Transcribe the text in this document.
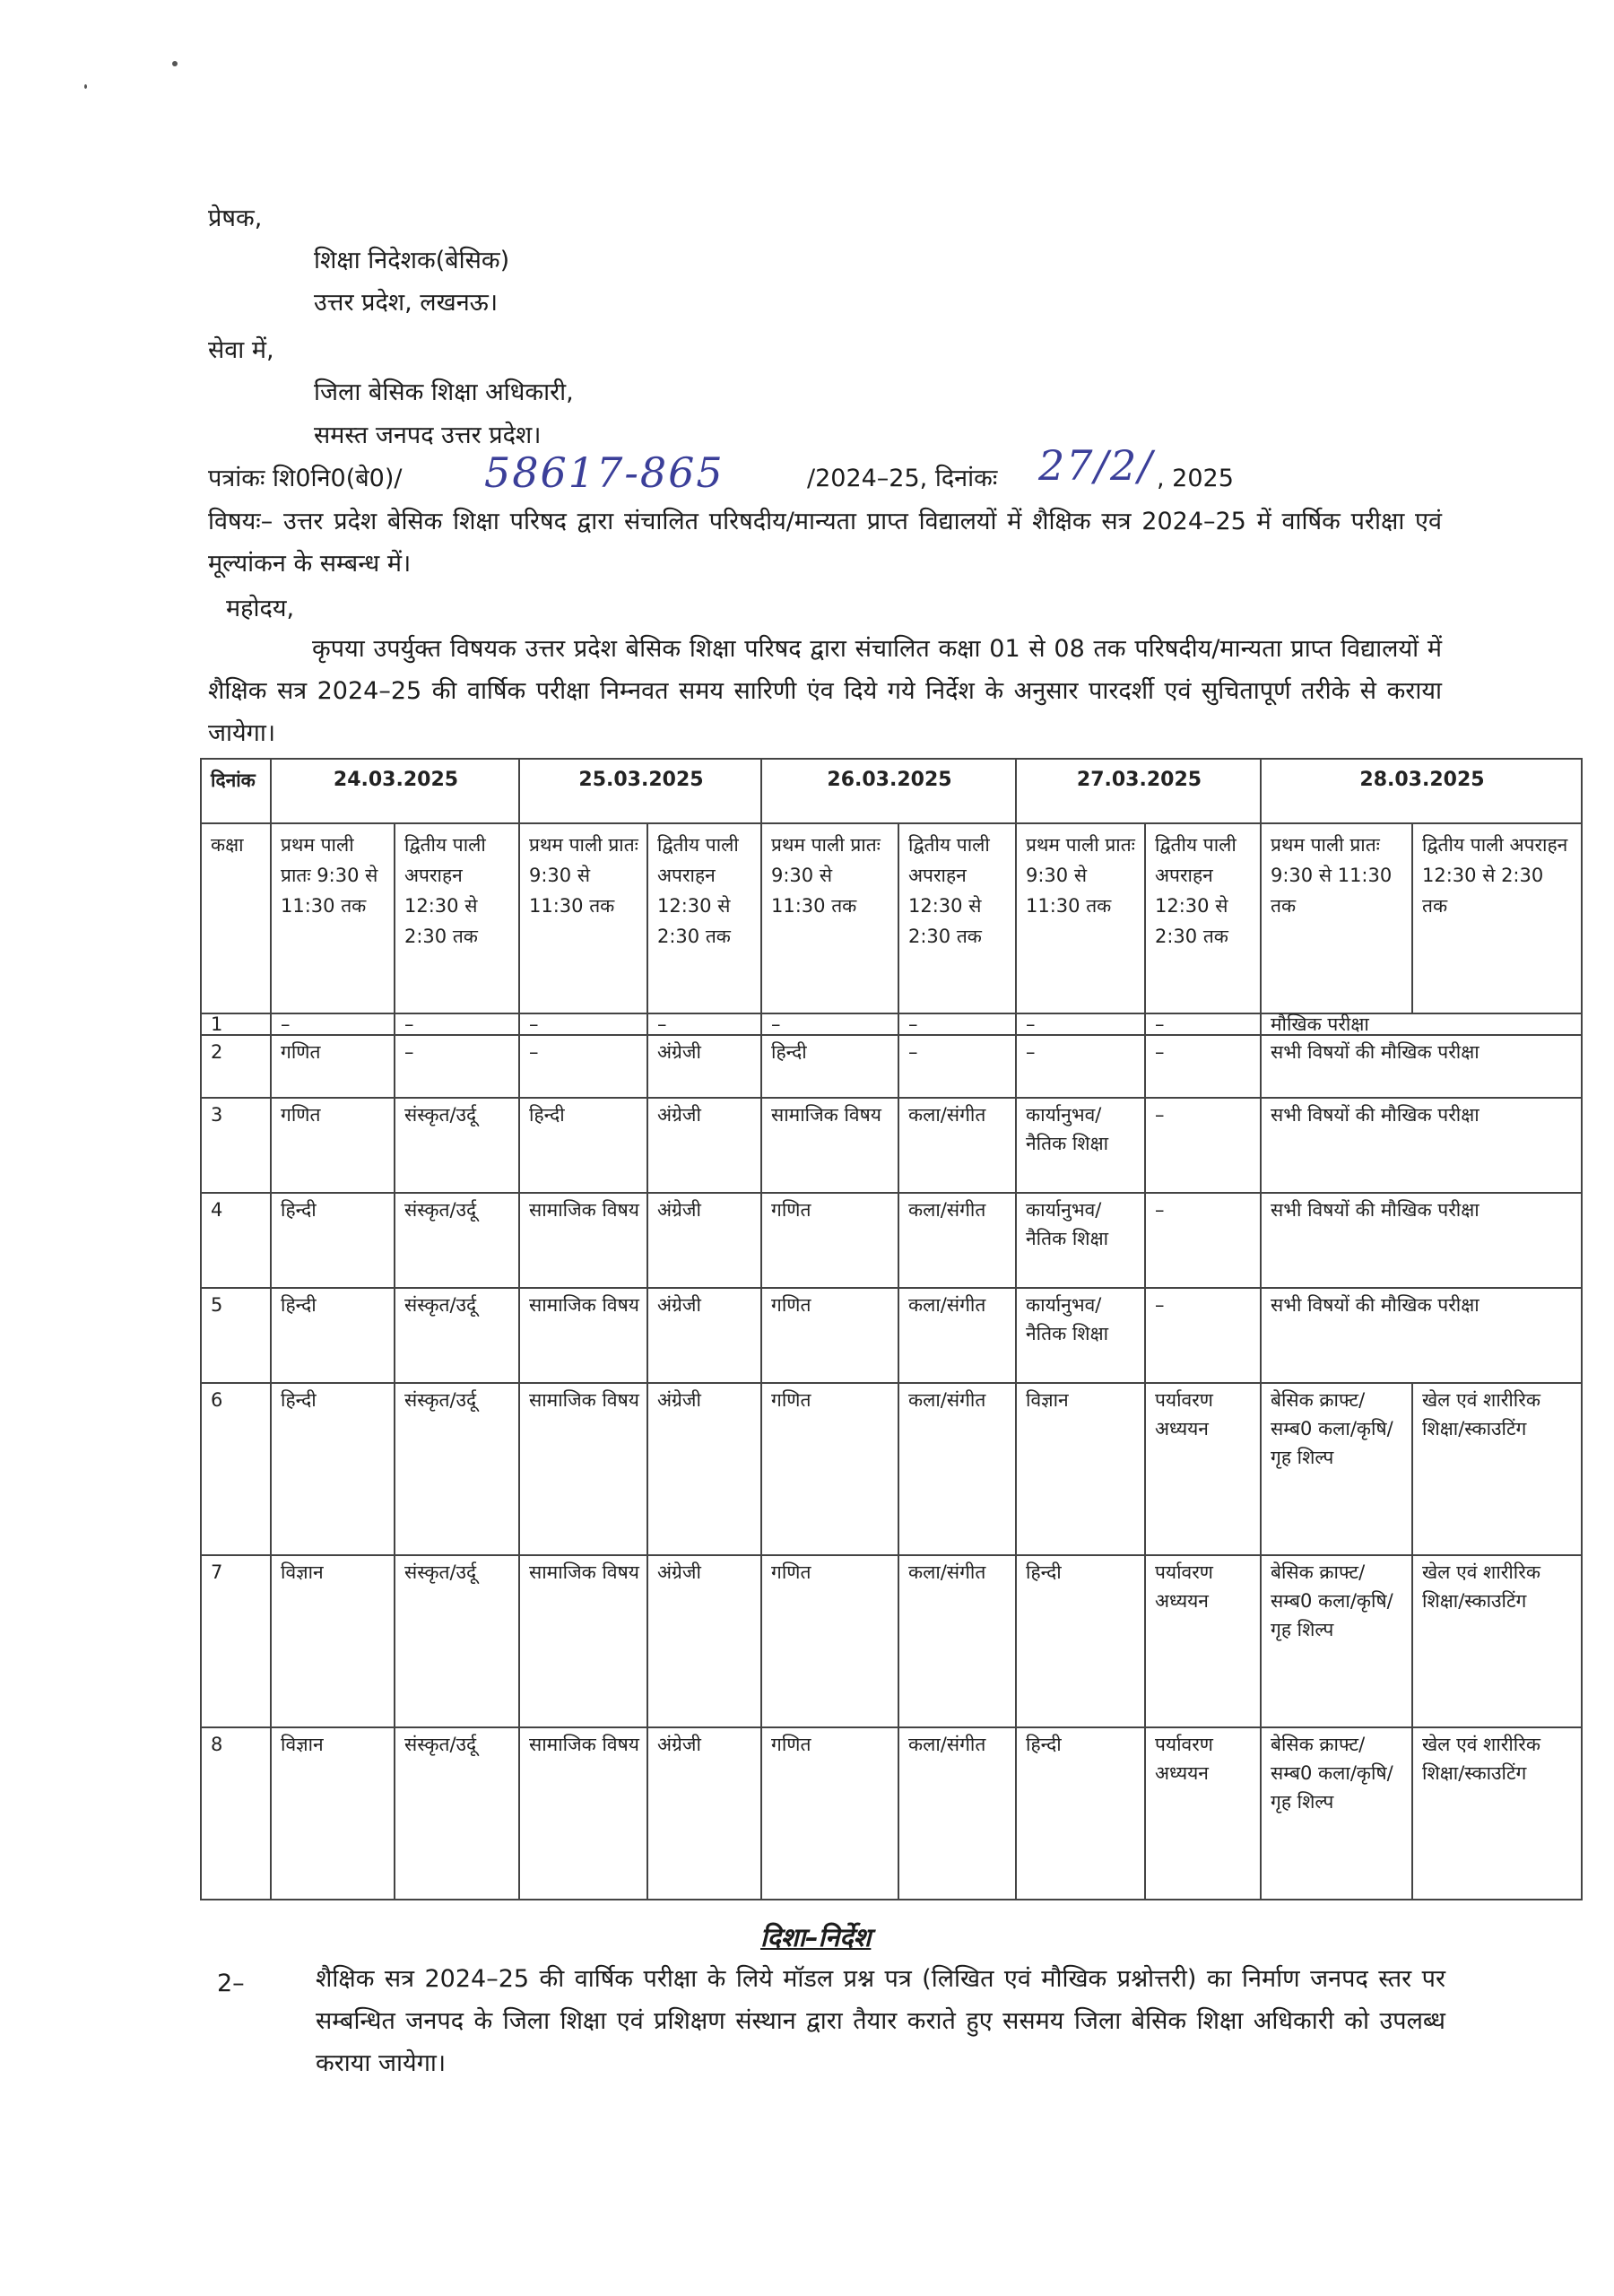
प्रेषक,
शिक्षा निदेशक(बेसिक)
उत्तर प्रदेश, लखनऊ।
सेवा में,
जिला बेसिक शिक्षा अधिकारी,
समस्त जनपद उत्तर प्रदेश।
पत्रांकः शि0नि0(बे0)/ 58617-865	/2024–25, दिनांकः 27/2/ , 2025
विषयः– उत्तर प्रदेश बेसिक शिक्षा परिषद द्वारा संचालित परिषदीय/मान्यता प्राप्त विद्यालयों में शैक्षिक सत्र 2024–25 में वार्षिक परीक्षा एवं मूल्यांकन के सम्बन्ध में।
महोदय,
कृपया उपर्युक्त विषयक उत्तर प्रदेश बेसिक शिक्षा परिषद द्वारा संचालित कक्षा 01 से 08 तक परिषदीय/मान्यता प्राप्त विद्यालयों में शैक्षिक सत्र 2024–25 की वार्षिक परीक्षा निम्नवत समय सारिणी एंव दिये गये निर्देश के अनुसार पारदर्शी एवं सुचितापूर्ण तरीके से कराया जायेगा।
दिनांक	24.03.2025		25.03.2025		26.03.2025		27.03.2025		28.03.2025	
कक्षा	प्रथम पाली प्रातः 9:30 से 11:30 तक	द्वितीय पाली अपराहन 12:30 से 2:30 तक	प्रथम पाली प्रातः 9:30 से 11:30 तक	द्वितीय पाली अपराहन 12:30 से 2:30 तक	प्रथम पाली प्रातः 9:30 से 11:30 तक	द्वितीय पाली अपराहन 12:30 से 2:30 तक	प्रथम पाली प्रातः 9:30 से 11:30 तक	द्वितीय पाली अपराहन 12:30 से 2:30 तक	प्रथम पाली प्रातः 9:30 से 11:30 तक	द्वितीय पाली अपराहन 12:30 से 2:30 तक
1	–	–	–	–	–	–	–	–	मौखिक परीक्षा	
2	गणित	–	–	अंग्रेजी	हिन्दी	–	–	–	सभी विषयों की मौखिक परीक्षा	
3	गणित	संस्कृत/उर्दू	हिन्दी	अंग्रेजी	सामाजिक विषय	कला/संगीत	कार्यानुभव/नैतिक शिक्षा	–	सभी विषयों की मौखिक परीक्षा	
4	हिन्दी	संस्कृत/उर्दू	सामाजिक विषय	अंग्रेजी	गणित	कला/संगीत	कार्यानुभव/नैतिक शिक्षा	–	सभी विषयों की मौखिक परीक्षा	
5	हिन्दी	संस्कृत/उर्दू	सामाजिक विषय	अंग्रेजी	गणित	कला/संगीत	कार्यानुभव/नैतिक शिक्षा	–	सभी विषयों की मौखिक परीक्षा	
6	हिन्दी	संस्कृत/उर्दू	सामाजिक विषय	अंग्रेजी	गणित	कला/संगीत	विज्ञान	पर्यावरण अध्ययन	बेसिक क्राफ्ट/सम्ब0 कला/कृषि/गृह शिल्प	खेल एवं शारीरिक शिक्षा/स्काउटिंग
7	विज्ञान	संस्कृत/उर्दू	सामाजिक विषय	अंग्रेजी	गणित	कला/संगीत	हिन्दी	पर्यावरण अध्ययन	बेसिक क्राफ्ट/सम्ब0 कला/कृषि/गृह शिल्प	खेल एवं शारीरिक शिक्षा/स्काउटिंग
8	विज्ञान	संस्कृत/उर्दू	सामाजिक विषय	अंग्रेजी	गणित	कला/संगीत	हिन्दी	पर्यावरण अध्ययन	बेसिक क्राफ्ट/सम्ब0 कला/कृषि/गृह शिल्प	खेल एवं शारीरिक शिक्षा/स्काउटिंग
दिशा–निर्देश
2–	शैक्षिक सत्र 2024–25 की वार्षिक परीक्षा के लिये मॉडल प्रश्न पत्र (लिखित एवं मौखिक प्रश्नोत्तरी) का निर्माण जनपद स्तर पर सम्बन्धित जनपद के जिला शिक्षा एवं प्रशिक्षण संस्थान द्वारा तैयार कराते हुए ससमय जिला बेसिक शिक्षा अधिकारी को उपलब्ध कराया जायेगा।
